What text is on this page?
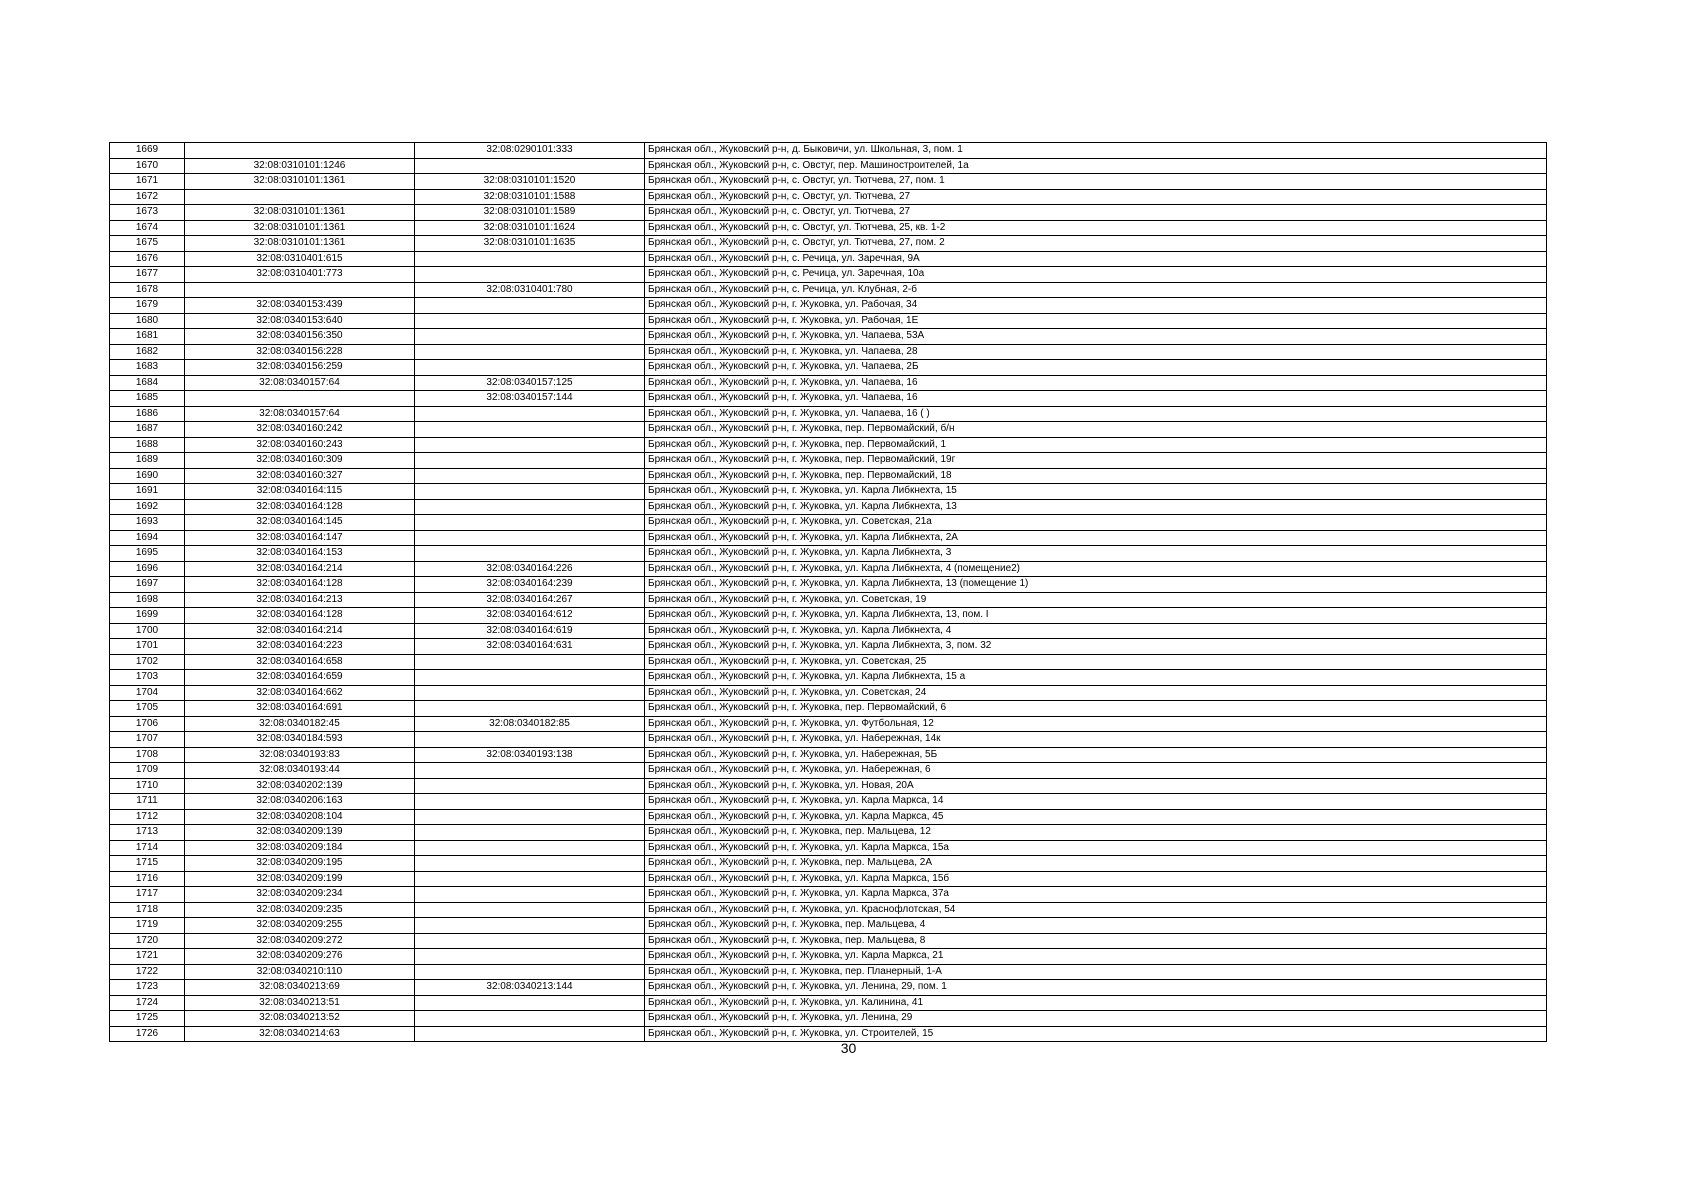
1669		32:08:0290101:333	Брянская обл., Жуковский р-н, д. Быковичи, ул. Школьная, 3, пом. 1
1670	32:08:0310101:1246		Брянская обл., Жуковский р-н, с. Овстуг, пер. Машиностроителей, 1а
1671	32:08:0310101:1361	32:08:0310101:1520	Брянская обл., Жуковский р-н, с. Овстуг, ул. Тютчева, 27, пом. 1
1672		32:08:0310101:1588	Брянская обл., Жуковский р-н, с. Овстуг, ул. Тютчева, 27
1673	32:08:0310101:1361	32:08:0310101:1589	Брянская обл., Жуковский р-н, с. Овстуг, ул. Тютчева, 27
1674	32:08:0310101:1361	32:08:0310101:1624	Брянская обл., Жуковский р-н, с. Овстуг, ул. Тютчева, 25, кв. 1-2
1675	32:08:0310101:1361	32:08:0310101:1635	Брянская обл., Жуковский р-н, с. Овстуг, ул. Тютчева, 27, пом. 2
1676	32:08:0310401:615		Брянская обл., Жуковский р-н, с. Речица, ул. Заречная, 9А
1677	32:08:0310401:773		Брянская обл., Жуковский р-н, с. Речица, ул. Заречная, 10а
1678		32:08:0310401:780	Брянская обл., Жуковский р-н, с. Речица, ул. Клубная, 2-б
1679	32:08:0340153:439		Брянская обл., Жуковский р-н, г. Жуковка, ул. Рабочая, 34
1680	32:08:0340153:640		Брянская обл., Жуковский р-н, г. Жуковка, ул. Рабочая, 1Е
1681	32:08:0340156:350		Брянская обл., Жуковский р-н, г. Жуковка, ул. Чапаева, 53А
1682	32:08:0340156:228		Брянская обл., Жуковский р-н, г. Жуковка, ул. Чапаева, 28
1683	32:08:0340156:259		Брянская обл., Жуковский р-н, г. Жуковка, ул. Чапаева, 2Б
1684	32:08:0340157:64	32:08:0340157:125	Брянская обл., Жуковский р-н, г. Жуковка, ул. Чапаева, 16
1685		32:08:0340157:144	Брянская обл., Жуковский р-н, г. Жуковка, ул. Чапаева, 16
1686	32:08:0340157:64		Брянская обл., Жуковский р-н, г. Жуковка, ул. Чапаева, 16 ( )
1687	32:08:0340160:242		Брянская обл., Жуковский р-н, г. Жуковка, пер. Первомайский, б/н
1688	32:08:0340160:243		Брянская обл., Жуковский р-н, г. Жуковка, пер. Первомайский, 1
1689	32:08:0340160:309		Брянская обл., Жуковский р-н, г. Жуковка, пер. Первомайский, 19г
1690	32:08:0340160:327		Брянская обл., Жуковский р-н, г. Жуковка, пер. Первомайский, 18
1691	32:08:0340164:115		Брянская обл., Жуковский р-н, г. Жуковка, ул. Карла Либкнехта, 15
1692	32:08:0340164:128		Брянская обл., Жуковский р-н, г. Жуковка, ул. Карла Либкнехта, 13
1693	32:08:0340164:145		Брянская обл., Жуковский р-н, г. Жуковка, ул. Советская, 21а
1694	32:08:0340164:147		Брянская обл., Жуковский р-н, г. Жуковка, ул. Карла Либкнехта, 2А
1695	32:08:0340164:153		Брянская обл., Жуковский р-н, г. Жуковка, ул. Карла Либкнехта, 3
1696	32:08:0340164:214	32:08:0340164:226	Брянская обл., Жуковский р-н, г. Жуковка, ул. Карла Либкнехта, 4 (помещение2)
1697	32:08:0340164:128	32:08:0340164:239	Брянская обл., Жуковский р-н, г. Жуковка, ул. Карла Либкнехта, 13 (помещение 1)
1698	32:08:0340164:213	32:08:0340164:267	Брянская обл., Жуковский р-н, г. Жуковка, ул. Советская, 19
1699	32:08:0340164:128	32:08:0340164:612	Брянская обл., Жуковский р-н, г. Жуковка, ул. Карла Либкнехта, 13, пом. I
1700	32:08:0340164:214	32:08:0340164:619	Брянская обл., Жуковский р-н, г. Жуковка, ул. Карла Либкнехта, 4
1701	32:08:0340164:223	32:08:0340164:631	Брянская обл., Жуковский р-н, г. Жуковка, ул. Карла Либкнехта, 3, пом. 32
1702	32:08:0340164:658		Брянская обл., Жуковский р-н, г. Жуковка, ул. Советская, 25
1703	32:08:0340164:659		Брянская обл., Жуковский р-н, г. Жуковка, ул. Карла Либкнехта, 15 а
1704	32:08:0340164:662		Брянская обл., Жуковский р-н, г. Жуковка, ул. Советская, 24
1705	32:08:0340164:691		Брянская обл., Жуковский р-н, г. Жуковка, пер. Первомайский, 6
1706	32:08:0340182:45	32:08:0340182:85	Брянская обл., Жуковский р-н, г. Жуковка, ул. Футбольная, 12
1707	32:08:0340184:593		Брянская обл., Жуковский р-н, г. Жуковка, ул. Набережная, 14к
1708	32:08:0340193:83	32:08:0340193:138	Брянская обл., Жуковский р-н, г. Жуковка, ул. Набережная, 5Б
1709	32:08:0340193:44		Брянская обл., Жуковский р-н, г. Жуковка, ул. Набережная, 6
1710	32:08:0340202:139		Брянская обл., Жуковский р-н, г. Жуковка, ул. Новая, 20А
1711	32:08:0340206:163		Брянская обл., Жуковский р-н, г. Жуковка, ул. Карла Маркса, 14
1712	32:08:0340208:104		Брянская обл., Жуковский р-н, г. Жуковка, ул. Карла Маркса, 45
1713	32:08:0340209:139		Брянская обл., Жуковский р-н, г. Жуковка, пер. Мальцева, 12
1714	32:08:0340209:184		Брянская обл., Жуковский р-н, г. Жуковка, ул. Карла Маркса, 15а
1715	32:08:0340209:195		Брянская обл., Жуковский р-н, г. Жуковка, пер. Мальцева, 2А
1716	32:08:0340209:199		Брянская обл., Жуковский р-н, г. Жуковка, ул. Карла Маркса, 15б
1717	32:08:0340209:234		Брянская обл., Жуковский р-н, г. Жуковка, ул. Карла Маркса, 37а
1718	32:08:0340209:235		Брянская обл., Жуковский р-н, г. Жуковка, ул. Краснофлотская, 54
1719	32:08:0340209:255		Брянская обл., Жуковский р-н, г. Жуковка, пер. Мальцева, 4
1720	32:08:0340209:272		Брянская обл., Жуковский р-н, г. Жуковка, пер. Мальцева, 8
1721	32:08:0340209:276		Брянская обл., Жуковский р-н, г. Жуковка, ул. Карла Маркса, 21
1722	32:08:0340210:110		Брянская обл., Жуковский р-н, г. Жуковка, пер. Планерный, 1-А
1723	32:08:0340213:69	32:08:0340213:144	Брянская обл., Жуковский р-н, г. Жуковка, ул. Ленина, 29, пом. 1
1724	32:08:0340213:51		Брянская обл., Жуковский р-н, г. Жуковка, ул. Калинина, 41
1725	32:08:0340213:52		Брянская обл., Жуковский р-н, г. Жуковка, ул. Ленина, 29
1726	32:08:0340214:63		Брянская обл., Жуковский р-н, г. Жуковка, ул. Строителей, 15
30
